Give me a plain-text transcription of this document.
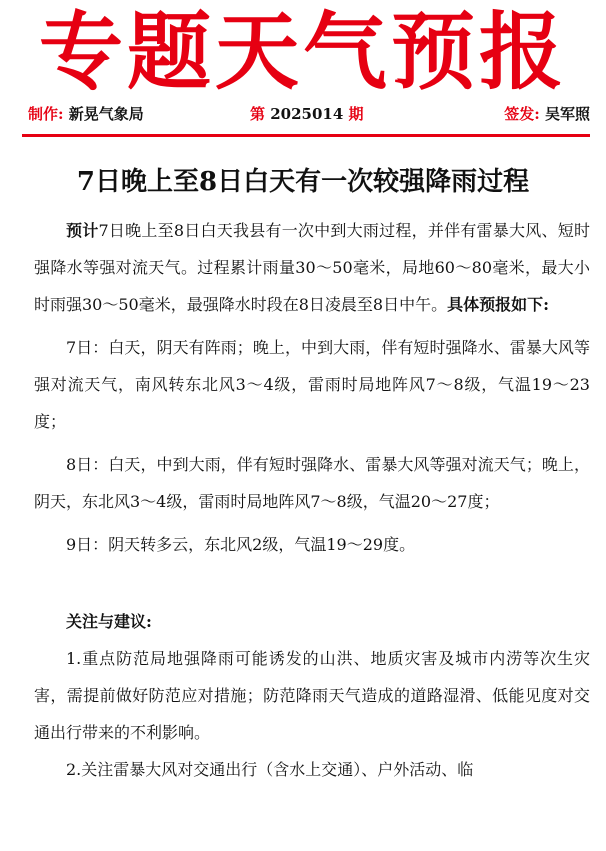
专题天气预报
制作: 新晃气象局	第 2025014 期	签发: 吴军照
7日晚上至8日白天有一次较强降雨过程

预计7日晚上至8日白天我县有一次中到大雨过程，并伴有雷暴大风、短时强降水等强对流天气。过程累计雨量30～50毫米，局地60～80毫米，最大小时雨强30～50毫米，最强降水时段在8日凌晨至8日中午。具体预报如下:

7日：白天，阴天有阵雨；晚上，中到大雨，伴有短时强降水、雷暴大风等强对流天气，南风转东北风3～4级，雷雨时局地阵风7～8级，气温19～23度；

8日：白天，中到大雨，伴有短时强降水、雷暴大风等强对流天气；晚上，阴天，东北风3～4级，雷雨时局地阵风7～8级，气温20～27度；

9日：阴天转多云，东北风2级，气温19～29度。

关注与建议:

1.重点防范局地强降雨可能诱发的山洪、地质灾害及城市内涝等次生灾害，需提前做好防范应对措施；防范降雨天气造成的道路湿滑、低能见度对交通出行带来的不利影响。

2.关注雷暴大风对交通出行（含水上交通）、户外活动、临
